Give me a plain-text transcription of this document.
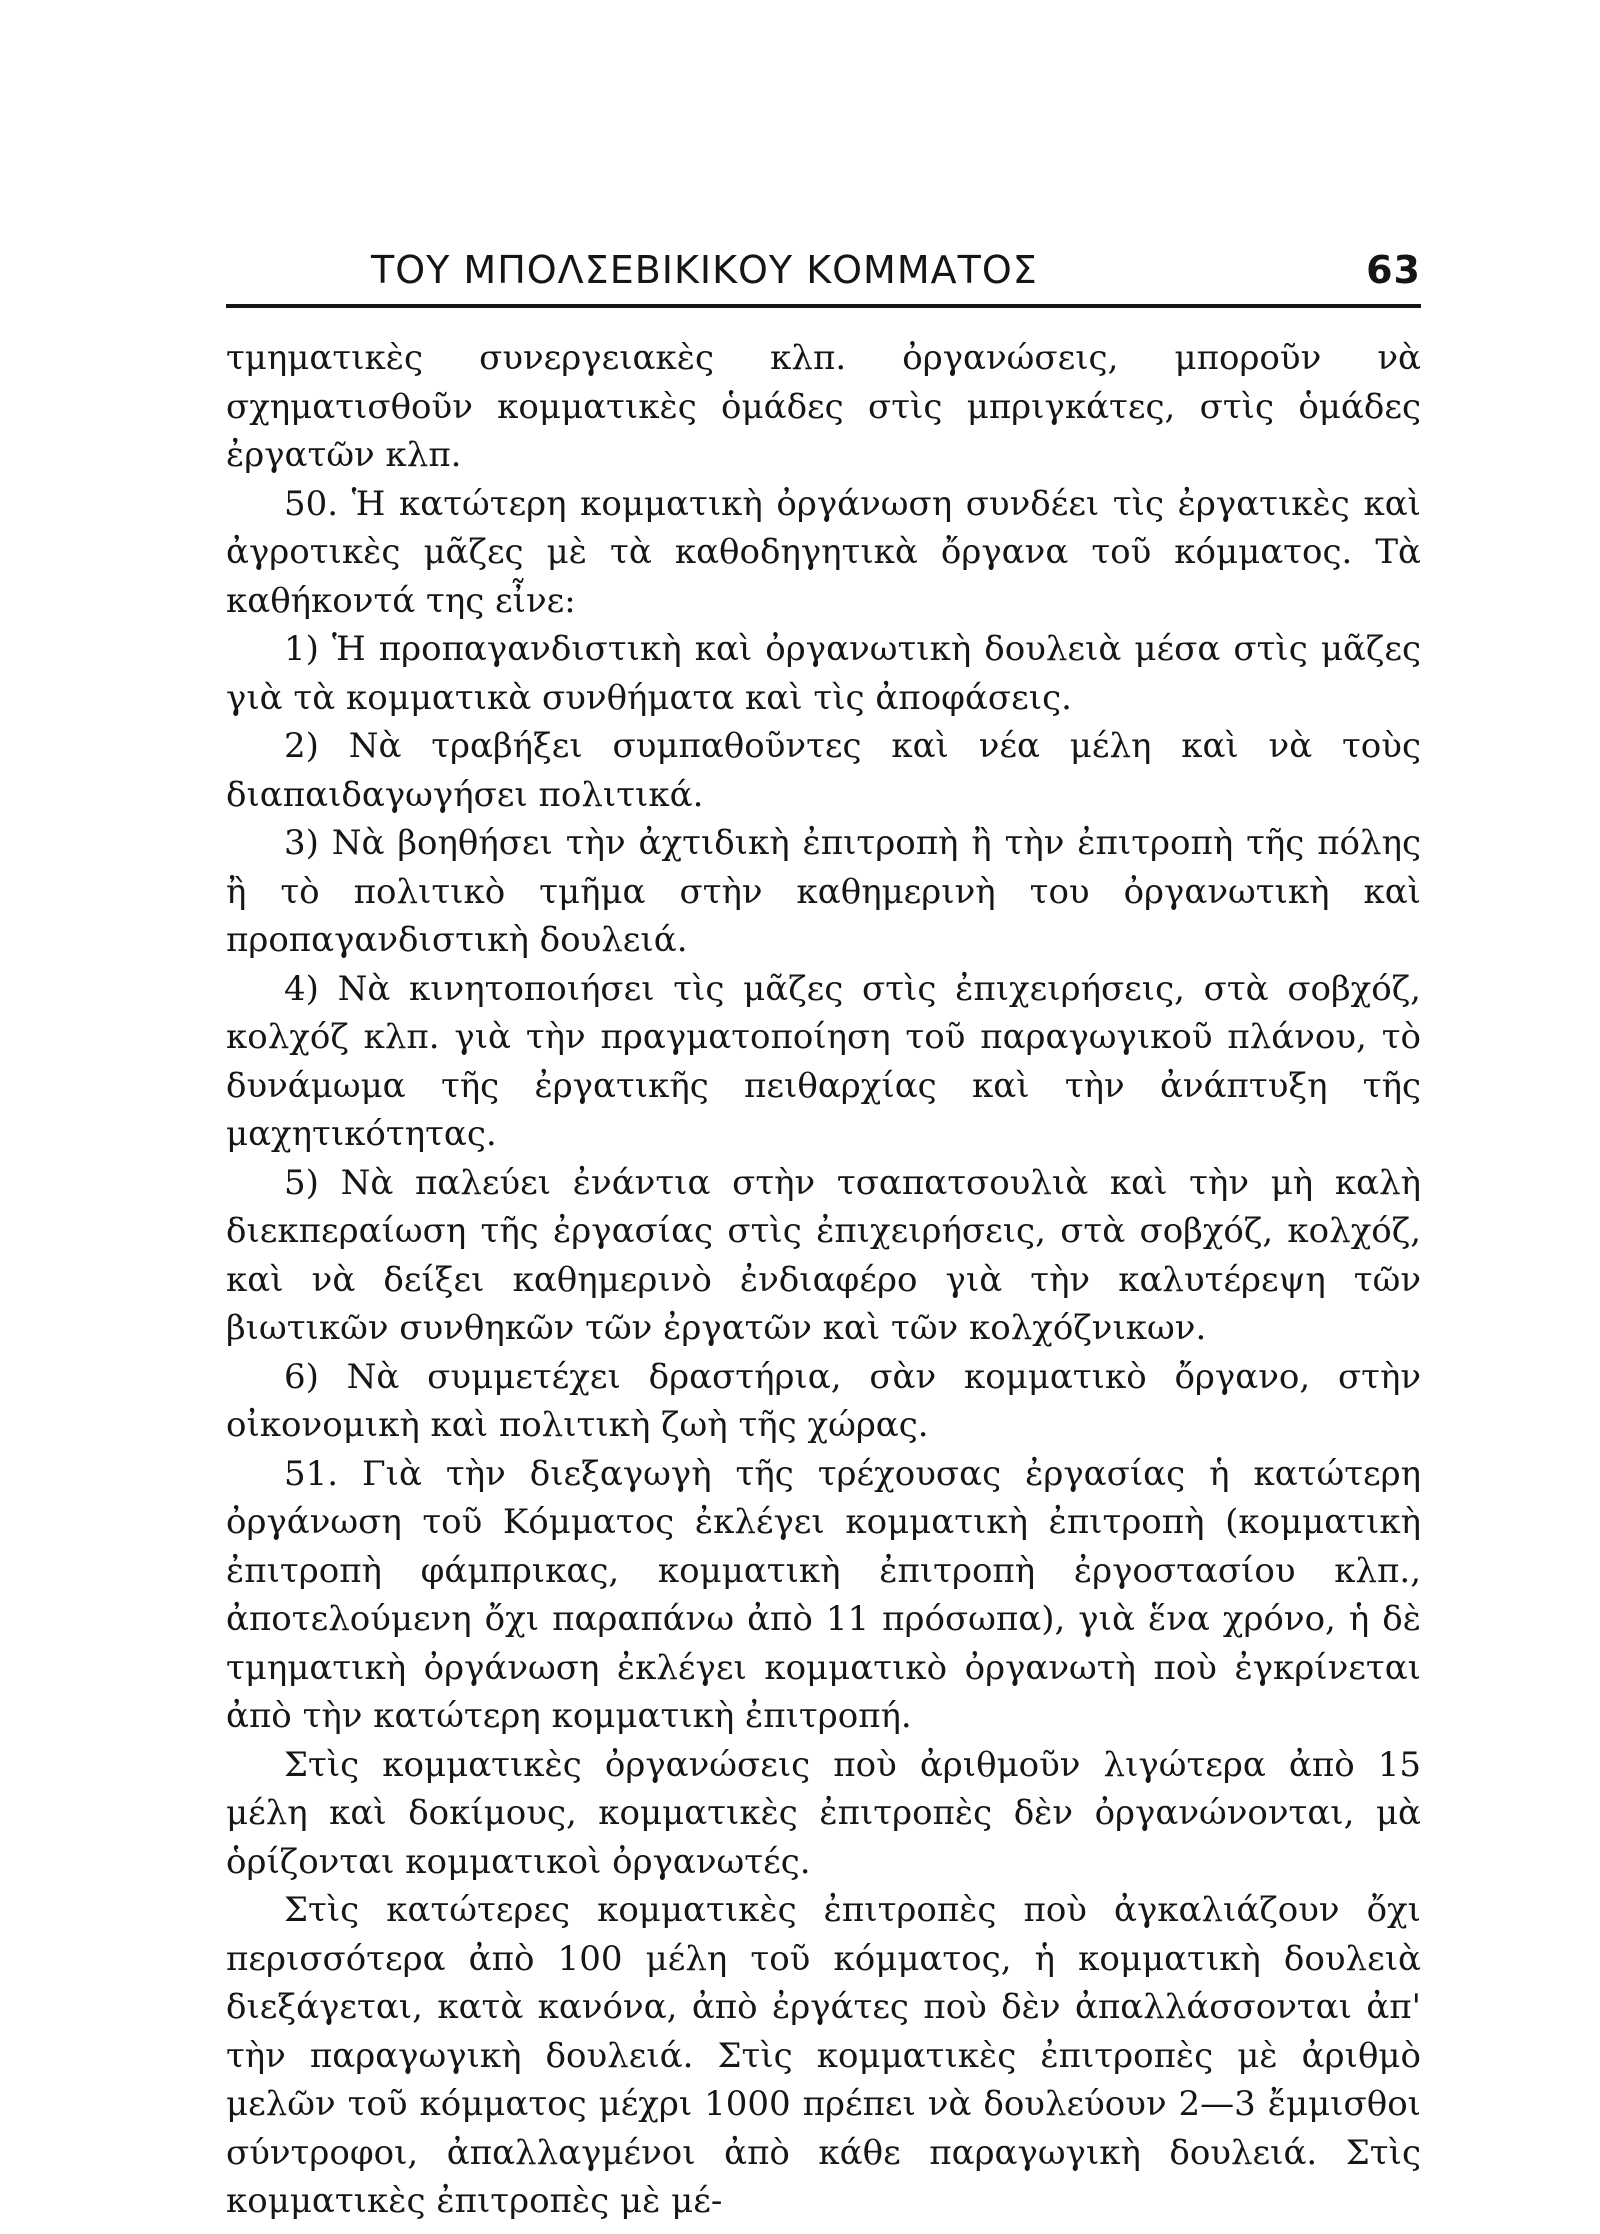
ΤΟΥ ΜΠΟΛΣΕΒΙΚΙΚΟΥ ΚΟΜΜΑΤΟΣ	63

τμηματικὲς συνεργειακὲς κλπ. ὀργανώσεις, μποροῦν νὰ σχηματισθοῦν κομματικὲς ὁμάδες στὶς μπριγκάτες, στὶς ὁμάδες ἐργατῶν κλπ.

50. Ἡ κατώτερη κομματικὴ ὀργάνωση συνδέει τὶς ἐργατικὲς καὶ ἀγροτικὲς μᾶζες μὲ τὰ καθοδηγητικὰ ὄργανα τοῦ κόμματος. Τὰ καθήκοντά της εἶνε:

1) Ἡ προπαγανδιστικὴ καὶ ὀργανωτικὴ δουλειὰ μέσα στὶς μᾶζες γιὰ τὰ κομματικὰ συνθήματα καὶ τὶς ἀποφάσεις.

2) Νὰ τραβήξει συμπαθοῦντες καὶ νέα μέλη καὶ νὰ τοὺς διαπαιδαγωγήσει πολιτικά.

3) Νὰ βοηθήσει τὴν ἀχτιδικὴ ἐπιτροπὴ ἢ τὴν ἐπιτροπὴ τῆς πόλης ἢ τὸ πολιτικὸ τμῆμα στὴν καθημερινὴ του ὀργανωτικὴ καὶ προπαγανδιστικὴ δουλειά.

4) Νὰ κινητοποιήσει τὶς μᾶζες στὶς ἐπιχειρήσεις, στὰ σοβχόζ, κολχόζ κλπ. γιὰ τὴν πραγματοποίηση τοῦ παραγωγικοῦ πλάνου, τὸ δυνάμωμα τῆς ἐργατικῆς πειθαρχίας καὶ τὴν ἀνάπτυξη τῆς μαχητικότητας.

5) Νὰ παλεύει ἐνάντια στὴν τσαπατσουλιὰ καὶ τὴν μὴ καλὴ διεκπεραίωση τῆς ἐργασίας στὶς ἐπιχειρήσεις, στὰ σοβχόζ, κολχόζ, καὶ νὰ δείξει καθημερινὸ ἐνδιαφέρο γιὰ τὴν καλυτέρεψη τῶν βιωτικῶν συνθηκῶν τῶν ἐργατῶν καὶ τῶν κολχόζνικων.

6) Νὰ συμμετέχει δραστήρια, σὰν κομματικὸ ὄργανο, στὴν οἰκονομικὴ καὶ πολιτικὴ ζωὴ τῆς χώρας.

51. Γιὰ τὴν διεξαγωγὴ τῆς τρέχουσας ἐργασίας ἡ κατώτερη ὀργάνωση τοῦ Κόμματος ἐκλέγει κομματικὴ ἐπιτροπὴ (κομματικὴ ἐπιτροπὴ φάμπρικας, κομματικὴ ἐπιτροπὴ ἐργοστασίου κλπ., ἀποτελούμενη ὄχι παραπάνω ἀπὸ 11 πρόσωπα), γιὰ ἕνα χρόνο, ἡ δὲ τμηματικὴ ὀργάνωση ἐκλέγει κομματικὸ ὀργανωτὴ ποὺ ἐγκρίνεται ἀπὸ τὴν κατώτερη κομματικὴ ἐπιτροπή.

Στὶς κομματικὲς ὀργανώσεις ποὺ ἀριθμοῦν λιγώτερα ἀπὸ 15 μέλη καὶ δοκίμους, κομματικὲς ἐπιτροπὲς δὲν ὀργανώνονται, μὰ ὁρίζονται κομματικοὶ ὀργανωτές.

Στὶς κατώτερες κομματικὲς ἐπιτροπὲς ποὺ ἀγκαλιάζουν ὄχι περισσότερα ἀπὸ 100 μέλη τοῦ κόμματος, ἡ κομματικὴ δουλειὰ διεξάγεται, κατὰ κανόνα, ἀπὸ ἐργάτες ποὺ δὲν ἀπαλλάσσονται ἀπ' τὴν παραγωγικὴ δουλειά. Στὶς κομματικὲς ἐπιτροπὲς μὲ ἀριθμὸ μελῶν τοῦ κόμματος μέχρι 1000 πρέπει νὰ δουλεύουν 2—3 ἔμμισθοι σύντροφοι, ἀπαλλαγμένοι ἀπὸ κάθε παραγωγικὴ δουλειά. Στὶς κομματικὲς ἐπιτροπὲς μὲ μέ-
